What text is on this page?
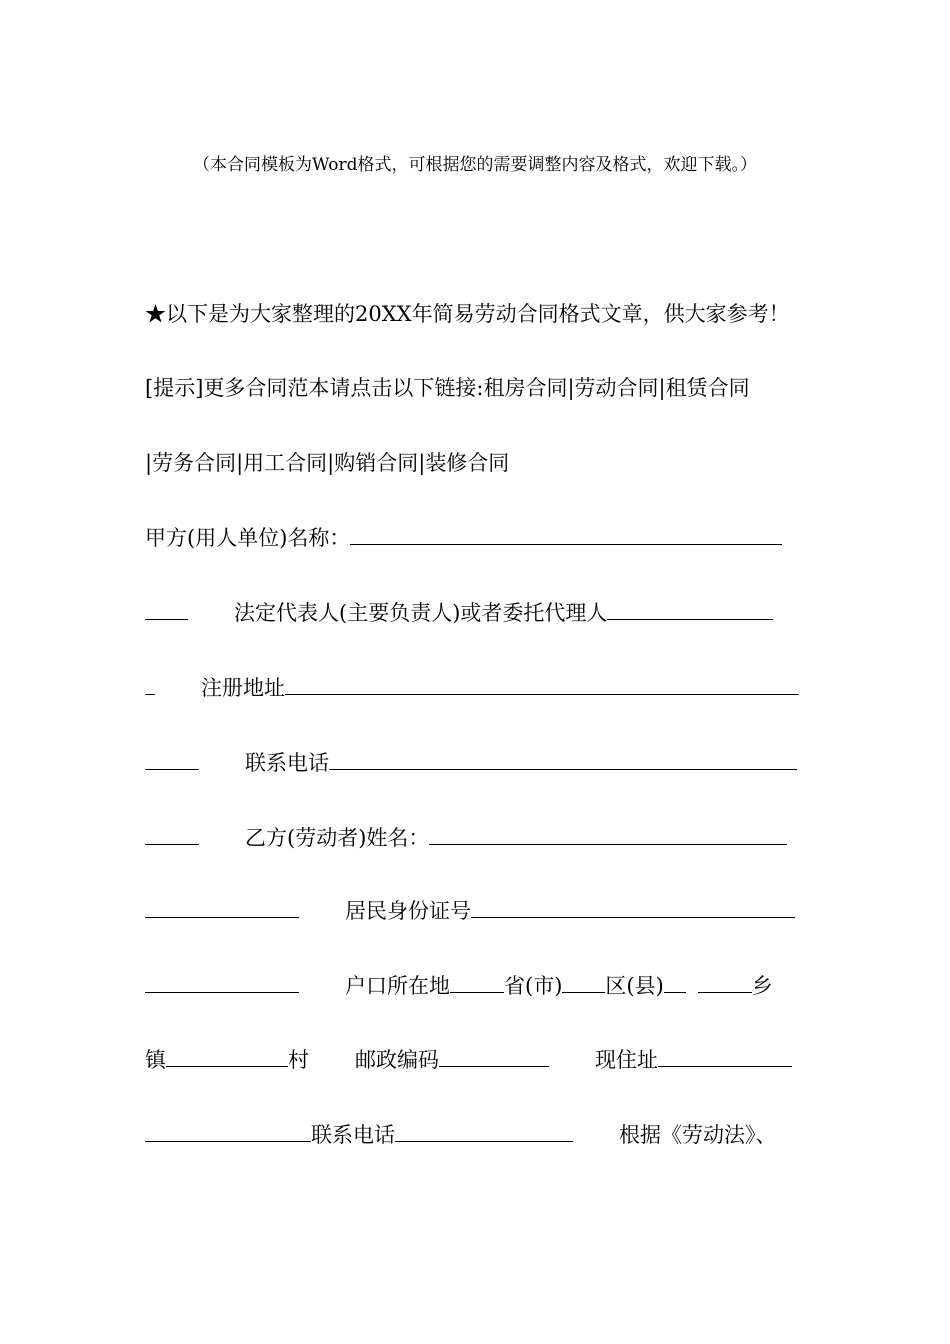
（本合同模板为Word格式，可根据您的需要调整内容及格式，欢迎下载。）
★以下是为大家整理的20XX年简易劳动合同格式文章，供大家参考！
[提示]更多合同范本请点击以下链接:租房合同|劳动合同|租赁合同
|劳务合同|用工合同|购销合同|装修合同
甲方(用人单位)名称：
法定代表人(主要负责人)或者委托代理人
注册地址
联系电话
乙方(劳动者)姓名：
居民身份证号
户口所在地	省(市) 区(县)	乡
镇	村 邮政编码	现住址
联系电话	根据《劳动法》、
